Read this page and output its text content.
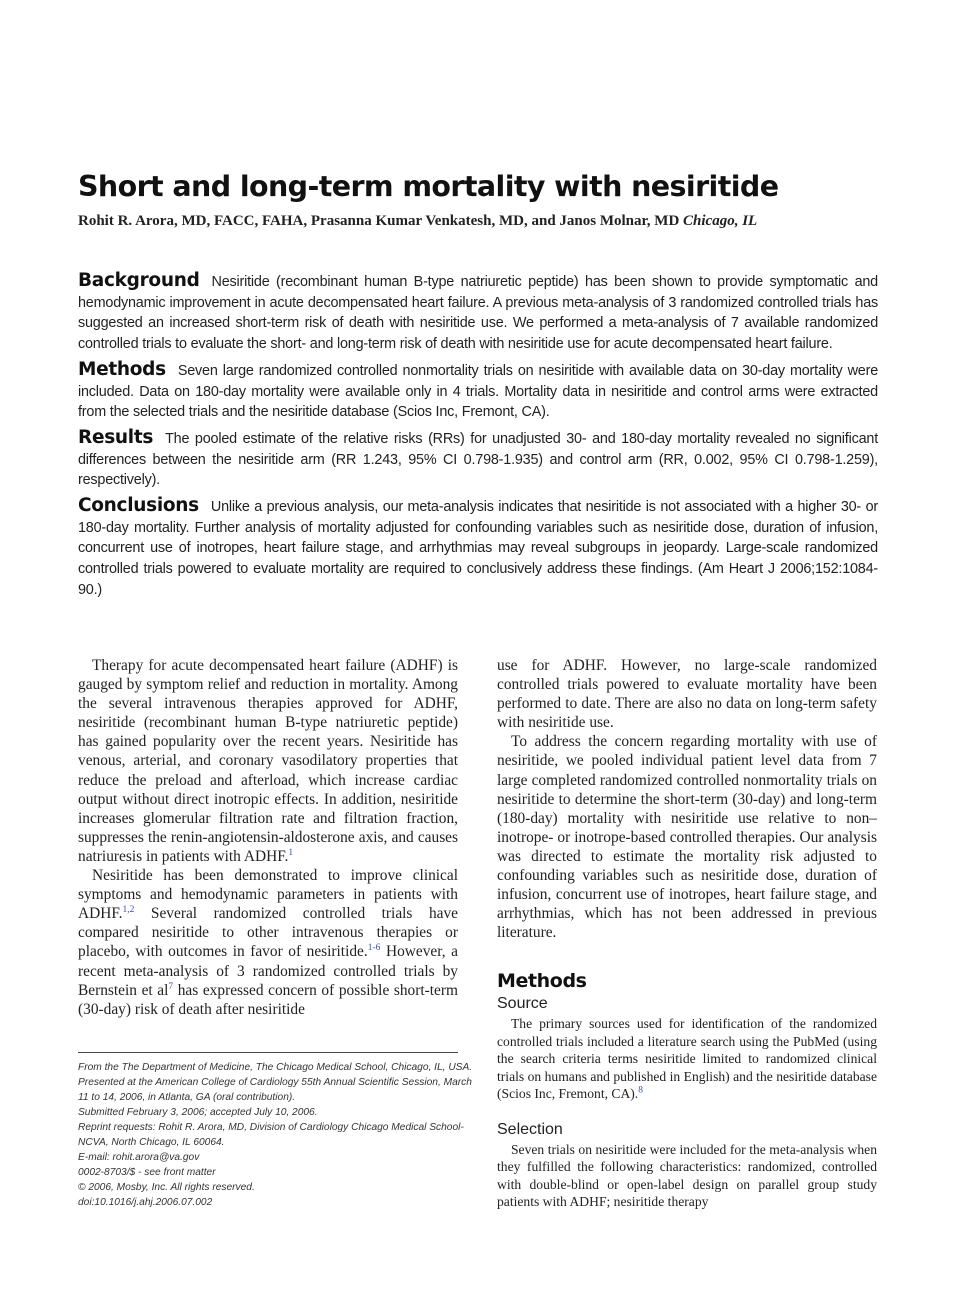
Short and long-term mortality with nesiritide
Rohit R. Arora, MD, FACC, FAHA, Prasanna Kumar Venkatesh, MD, and Janos Molnar, MD Chicago, IL

Background Nesiritide (recombinant human B-type natriuretic peptide) has been shown to provide symptomatic and hemodynamic improvement in acute decompensated heart failure. A previous meta-analysis of 3 randomized controlled trials has suggested an increased short-term risk of death with nesiritide use. We performed a meta-analysis of 7 available randomized controlled trials to evaluate the short- and long-term risk of death with nesiritide use for acute decompensated heart failure.

Methods Seven large randomized controlled nonmortality trials on nesiritide with available data on 30-day mortality were included. Data on 180-day mortality were available only in 4 trials. Mortality data in nesiritide and control arms were extracted from the selected trials and the nesiritide database (Scios Inc, Fremont, CA).

Results The pooled estimate of the relative risks (RRs) for unadjusted 30- and 180-day mortality revealed no significant differences between the nesiritide arm (RR 1.243, 95% CI 0.798-1.935) and control arm (RR, 0.002, 95% CI 0.798-1.259), respectively).

Conclusions Unlike a previous analysis, our meta-analysis indicates that nesiritide is not associated with a higher 30- or 180-day mortality. Further analysis of mortality adjusted for confounding variables such as nesiritide dose, duration of infusion, concurrent use of inotropes, heart failure stage, and arrhythmias may reveal subgroups in jeopardy. Large-scale randomized controlled trials powered to evaluate mortality are required to conclusively address these findings. (Am Heart J 2006;152:1084-90.)

Therapy for acute decompensated heart failure (ADHF) is gauged by symptom relief and reduction in mortality. Among the several intravenous therapies approved for ADHF, nesiritide (recombinant human B-type natriuretic peptide) has gained popularity over the recent years. Nesiritide has venous, arterial, and coronary vasodilatory properties that reduce the preload and afterload, which increase cardiac output without direct inotropic effects. In addition, nesiritide increases glomerular filtration rate and filtration fraction, suppresses the renin-angiotensin-aldosterone axis, and causes natriuresis in patients with ADHF.$^1$

Nesiritide has been demonstrated to improve clinical symptoms and hemodynamic parameters in patients with ADHF.$^{1,2}$ Several randomized controlled trials have compared nesiritide to other intravenous therapies or placebo, with outcomes in favor of nesiritide.$^{1-6}$ However, a recent meta-analysis of 3 randomized controlled trials by Bernstein et $al^7$ has expressed concern of possible short-term (30-day) risk of death after nesiritide

use for ADHF. However, no large-scale randomized controlled trials powered to evaluate mortality have been performed to date. There are also no data on long-term safety with nesiritide use.

To address the concern regarding mortality with use of nesiritide, we pooled individual patient level data from 7 large completed randomized controlled nonmortality trials on nesiritide to determine the short-term (30-day) and long-term (180-day) mortality with nesiritide use relative to non–inotrope- or inotrope-based controlled therapies. Our analysis was directed to estimate the mortality risk adjusted to confounding variables such as nesiritide dose, duration of infusion, concurrent use of inotropes, heart failure stage, and arrhythmias, which has not been addressed in previous literature.

Methods
Source

The primary sources used for identification of the randomized controlled trials included a literature search using the PubMed (using the search criteria terms nesiritide limited to randomized clinical trials on humans and published in English) and the nesiritide database (Scios Inc, Fremont, CA).$^8$

Selection

Seven trials on nesiritide were included for the meta-analysis when they fulfilled the following characteristics: randomized, controlled with double-blind or open-label design on parallel group study patients with ADHF; nesiritide therapy

From the The Department of Medicine, The Chicago Medical School, Chicago, IL, USA.
Presented at the American College of Cardiology 55th Annual Scientific Session, March
11 to 14, 2006, in Atlanta, GA (oral contribution).
Submitted February 3, 2006; accepted July 10, 2006.
Reprint requests: Rohit R. Arora, MD, Division of Cardiology Chicago Medical School-
NCVA, North Chicago, IL 60064.
E-mail: rohit.arora@va.gov
0002-8703/$ - see front matter
© 2006, Mosby, Inc. All rights reserved.
doi:10.1016/j.ahj.2006.07.002
